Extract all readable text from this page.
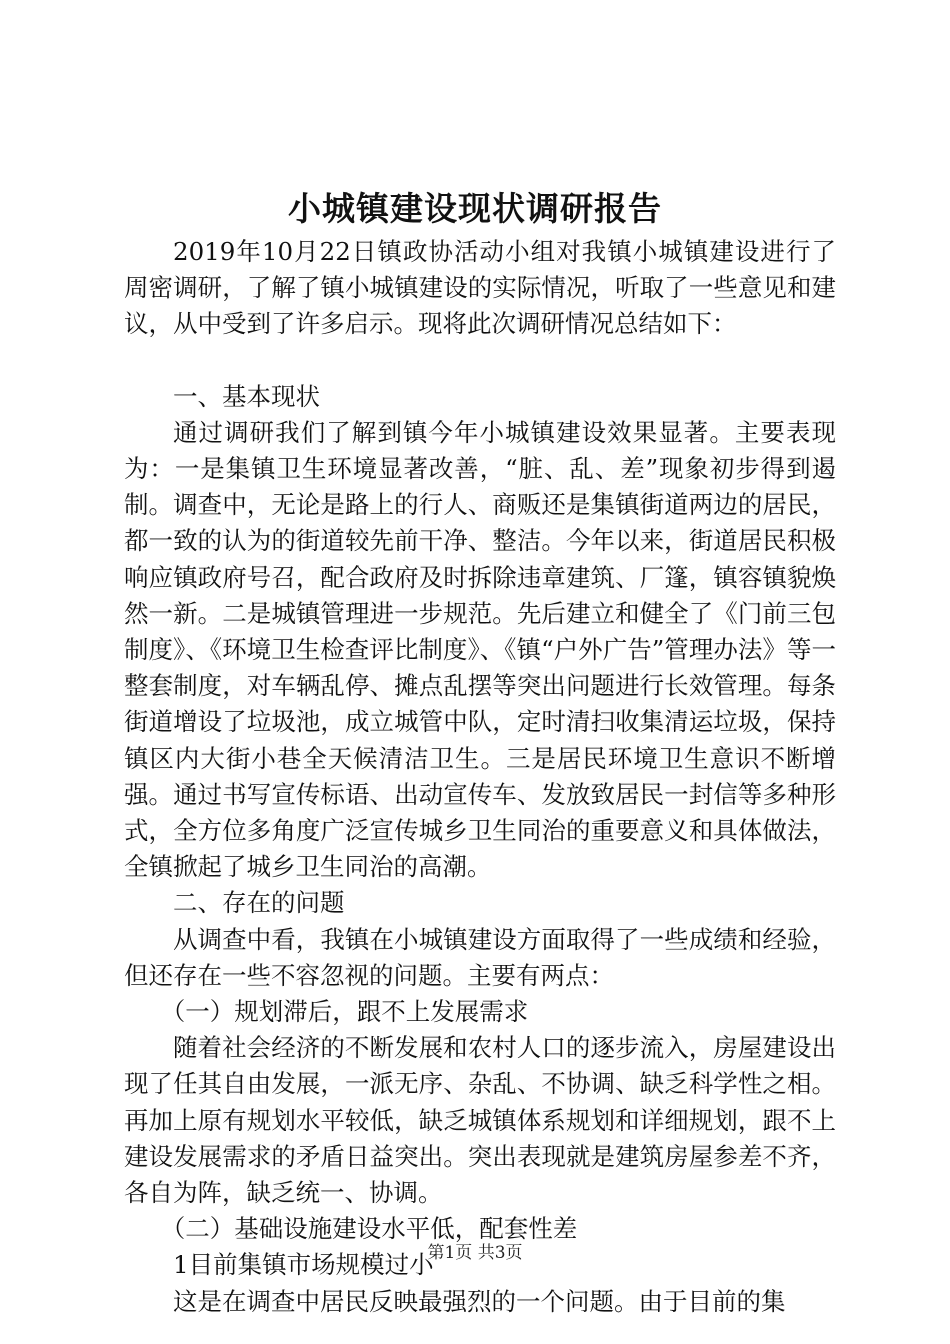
小城镇建设现状调研报告

2019年10月22日镇政协活动小组对我镇小城镇建设进行了周密调研，了解了镇小城镇建设的实际情况，听取了一些意见和建议，从中受到了许多启示。现将此次调研情况总结如下：

一、基本现状

通过调研我们了解到镇今年小城镇建设效果显著。主要表现为：一是集镇卫生环境显著改善，“脏、乱、差”现象初步得到遏制。调查中，无论是路上的行人、商贩还是集镇街道两边的居民，都一致的认为的街道较先前干净、整洁。今年以来，街道居民积极响应镇政府号召，配合政府及时拆除违章建筑、厂篷，镇容镇貌焕然一新。二是城镇管理进一步规范。先后建立和健全了《门前三包制度》、《环境卫生检查评比制度》、《镇“户外广告”管理办法》等一整套制度，对车辆乱停、摊点乱摆等突出问题进行长效管理。每条街道增设了垃圾池，成立城管中队，定时清扫收集清运垃圾，保持镇区内大街小巷全天候清洁卫生。三是居民环境卫生意识不断增强。通过书写宣传标语、出动宣传车、发放致居民一封信等多种形式，全方位多角度广泛宣传城乡卫生同治的重要意义和具体做法，全镇掀起了城乡卫生同治的高潮。

二、存在的问题

从调查中看，我镇在小城镇建设方面取得了一些成绩和经验，但还存在一些不容忽视的问题。主要有两点：

（一）规划滞后，跟不上发展需求

随着社会经济的不断发展和农村人口的逐步流入，房屋建设出现了任其自由发展，一派无序、杂乱、不协调、缺乏科学性之相。再加上原有规划水平较低，缺乏城镇体系规划和详细规划，跟不上建设发展需求的矛盾日益突出。突出表现就是建筑房屋参差不齐，各自为阵，缺乏统一、协调。

（二）基础设施建设水平低，配套性差

1目前集镇市场规模过小

这是在调查中居民反映最强烈的一个问题。由于目前的集

第1页 共3页
